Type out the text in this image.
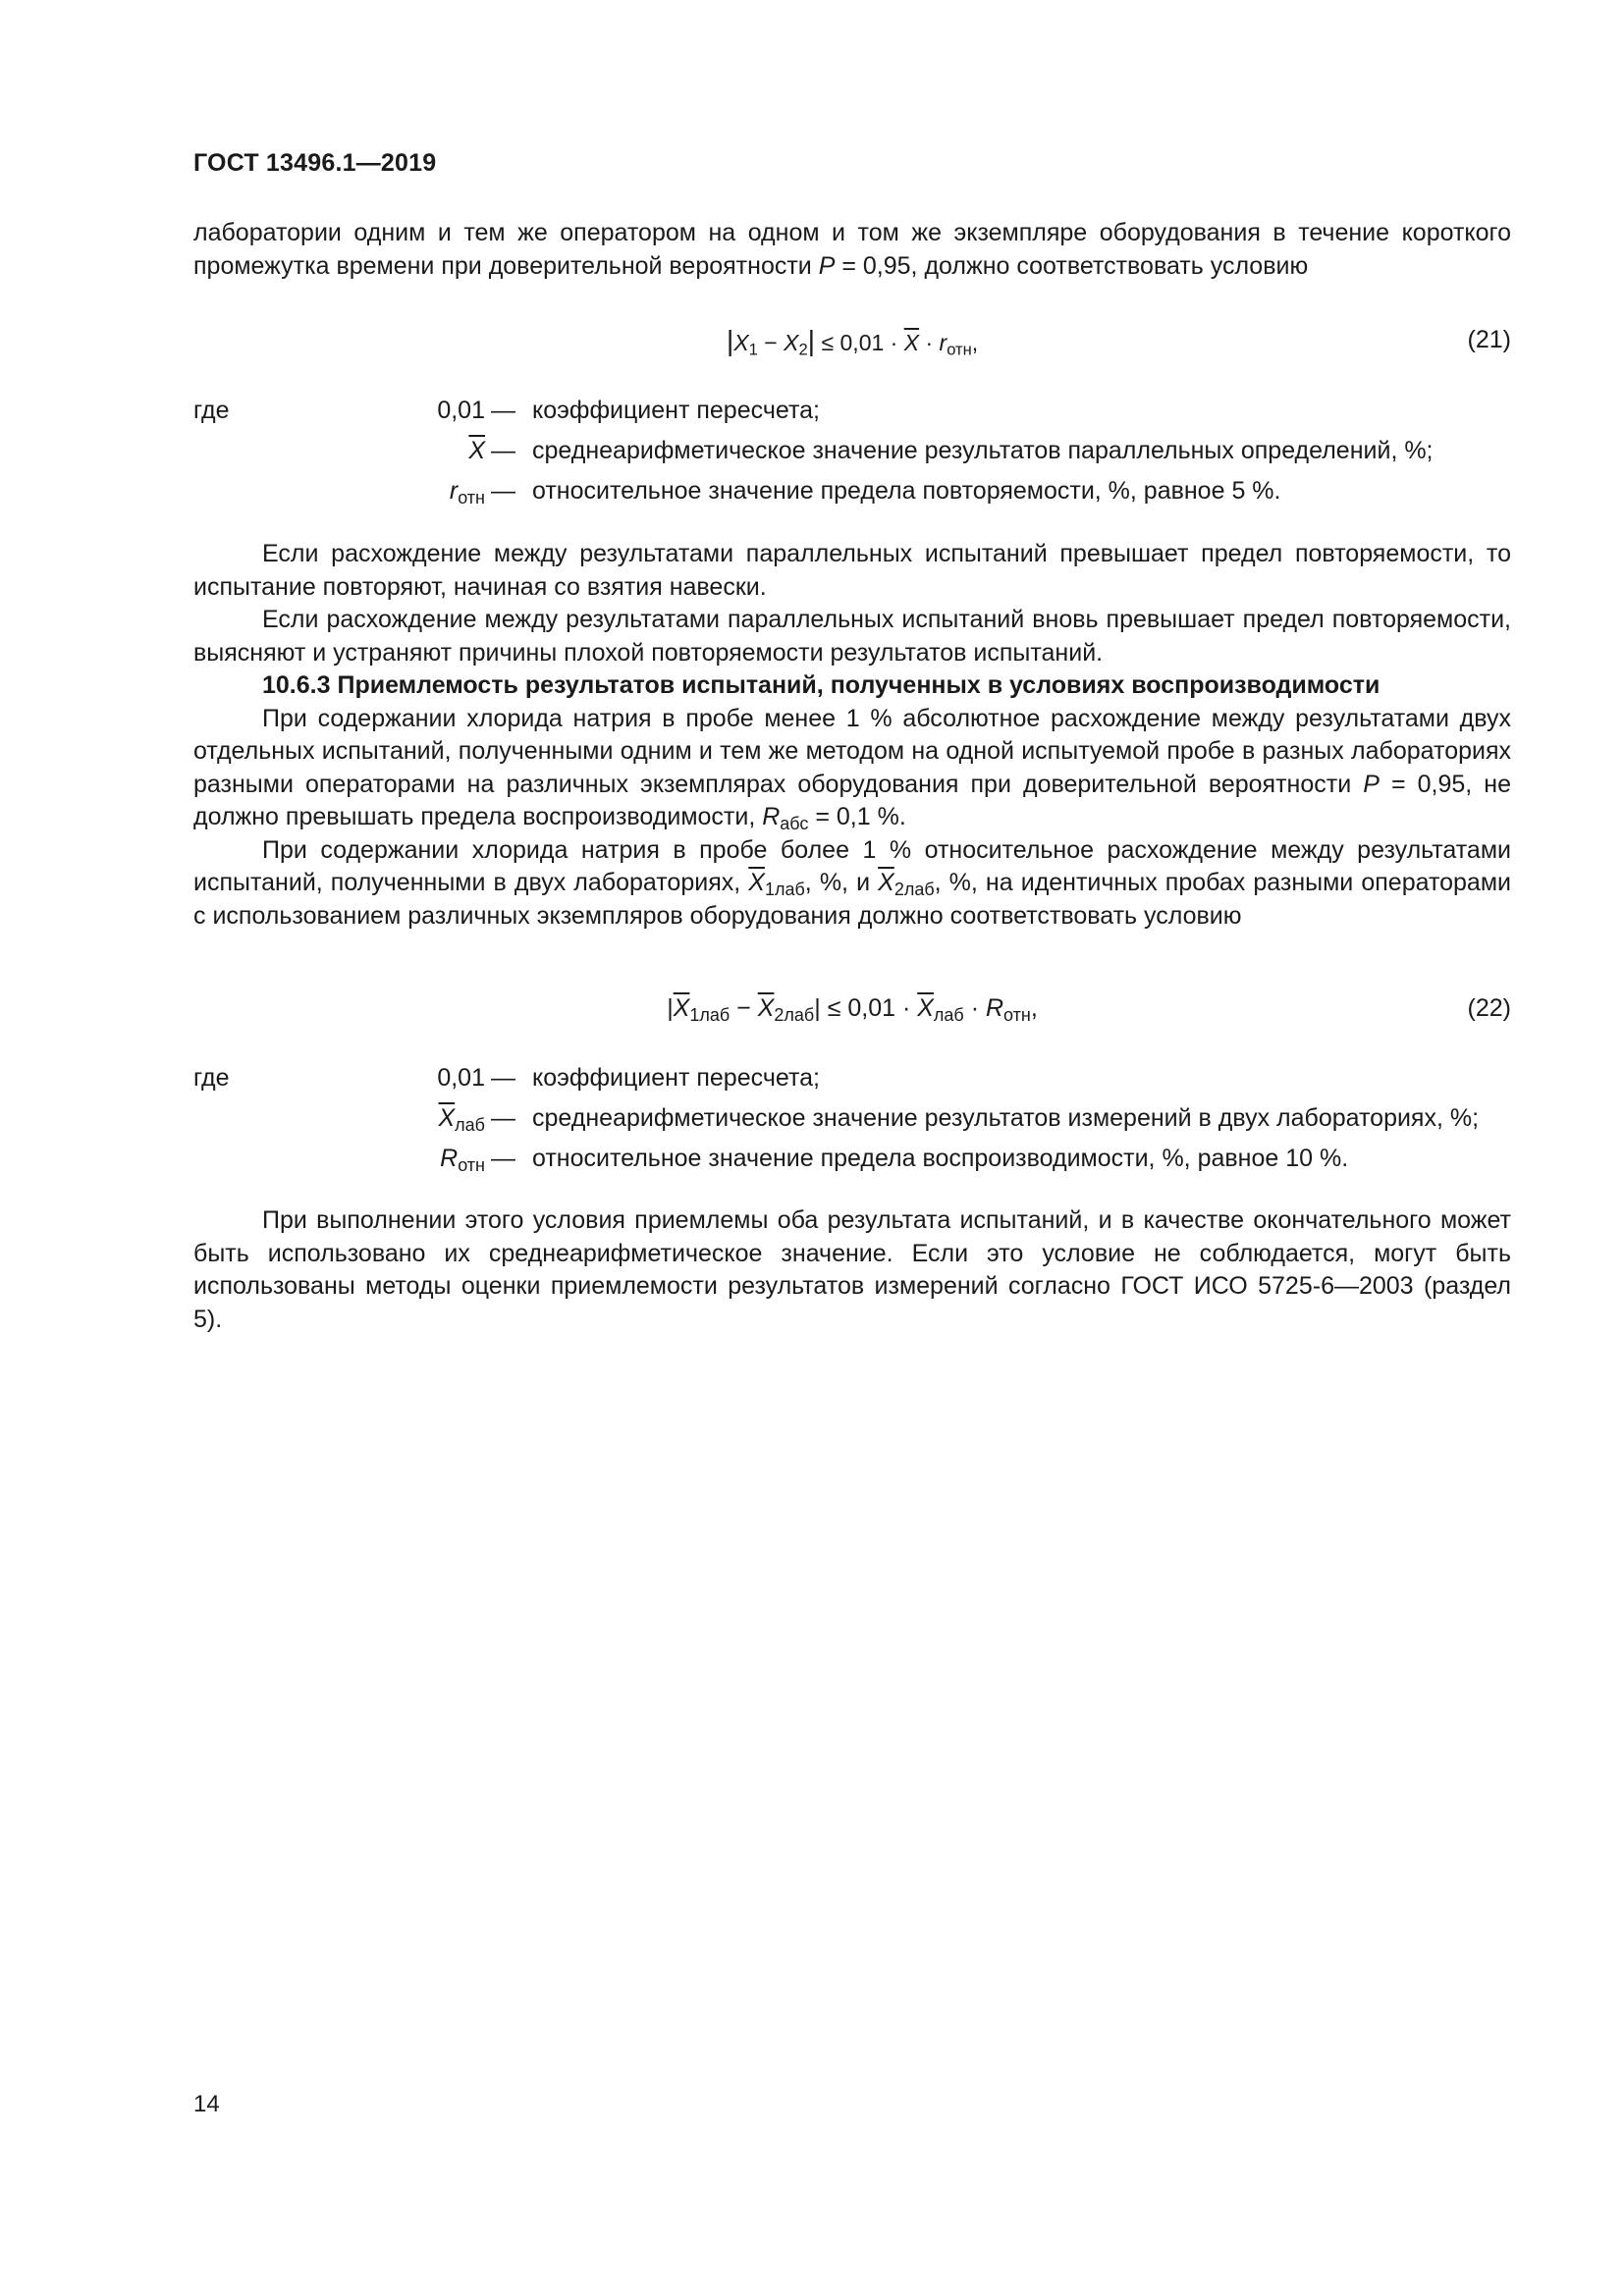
ГОСТ 13496.1—2019
лаборатории одним и тем же оператором на одном и том же экземпляре оборудования в течение короткого промежутка времени при доверительной вероятности P = 0,95, должно соответствовать условию
$|X_1 - X_2| \le 0,01 \cdot \overline{X} \cdot r_{отн}$,	(21)
где	0,01 — коэффициент пересчета;
$\overline{X}$ — среднеарифметическое значение результатов параллельных определений, %;
$r_{отн}$ — относительное значение предела повторяемости, %, равное 5 %.

Если расхождение между результатами параллельных испытаний превышает предел повторяемости, то испытание повторяют, начиная со взятия навески.

Если расхождение между результатами параллельных испытаний вновь превышает предел повторяемости, выясняют и устраняют причины плохой повторяемости результатов испытаний.

10.6.3 Приемлемость результатов испытаний, полученных в условиях воспроизводимости

При содержании хлорида натрия в пробе менее 1 % абсолютное расхождение между результатами двух отдельных испытаний, полученными одним и тем же методом на одной испытуемой пробе в разных лабораториях разными операторами на различных экземплярах оборудования при доверительной вероятности P = 0,95, не должно превышать предела воспроизводимости, $R_{абс} = 0,1$ %.

При содержании хлорида натрия в пробе более 1 % относительное расхождение между результатами испытаний, полученными в двух лабораториях, $\overline{X}_{1лаб}$, %, и $\overline{X}_{2лаб}$, %, на идентичных пробах разными операторами с использованием различных экземпляров оборудования должно соответствовать условию

$|\overline{X}_{1лаб} - \overline{X}_{2лаб}| \le 0,01 \cdot \overline{X}_{лаб} \cdot R_{отн}$,	(22)
где	0,01 — коэффициент пересчета;
$\overline{X}_{лаб}$ — среднеарифметическое значение результатов измерений в двух лабораториях, %;
$R_{отн}$ — относительное значение предела воспроизводимости, %, равное 10 %.

При выполнении этого условия приемлемы оба результата испытаний, и в качестве окончательного может быть использовано их среднеарифметическое значение. Если это условие не соблюдается, могут быть использованы методы оценки приемлемости результатов измерений согласно ГОСТ ИСО 5725-6—2003 (раздел 5).

14
